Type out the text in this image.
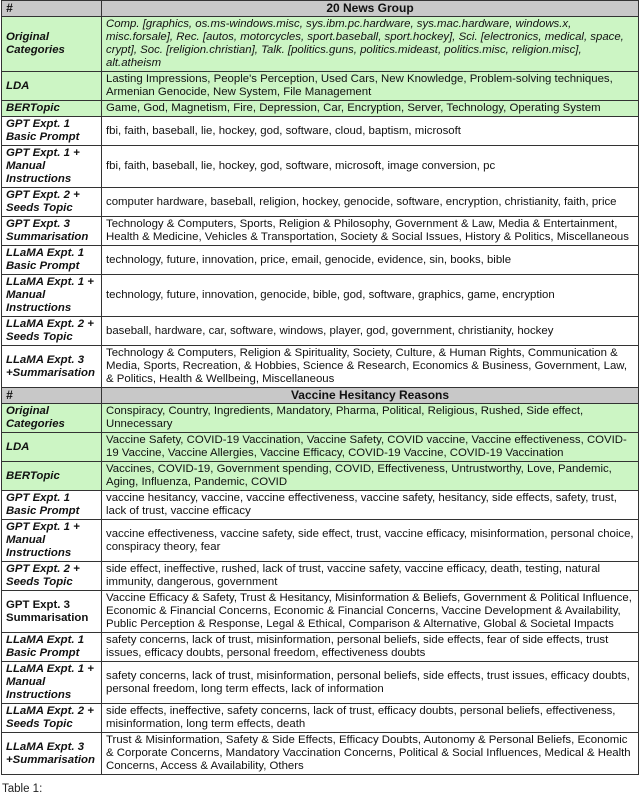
#	20 News Group
Original Categories	Comp. [graphics, os.ms-windows.misc, sys.ibm.pc.hardware, sys.mac.hardware, windows.x, misc.forsale], Rec. [autos, motorcycles, sport.baseball, sport.hockey], Sci. [electronics, medical, space, crypt], Soc. [religion.christian], Talk. [politics.guns, politics.mideast, politics.misc, religion.misc], alt.atheism
LDA	Lasting Impressions, People's Perception, Used Cars, New Knowledge, Problem-solving techniques, Armenian Genocide, New System, File Management
BERTopic	Game, God, Magnetism, Fire, Depression, Car, Encryption, Server, Technology, Operating System
GPT Expt. 1 Basic Prompt	fbi, faith, baseball, lie, hockey, god, software, cloud, baptism, microsoft
GPT Expt. 1 + Manual Instructions	fbi, faith, baseball, lie, hockey, god, software, microsoft, image conversion, pc
GPT Expt. 2 + Seeds Topic	computer hardware, baseball, religion, hockey, genocide, software, encryption, christianity, faith, price
GPT Expt. 3 Summarisation	Technology & Computers, Sports, Religion & Philosophy, Government & Law, Media & Entertainment, Health & Medicine, Vehicles & Transportation, Society & Social Issues, History & Politics, Miscellaneous
LLaMA Expt. 1 Basic Prompt	technology, future, innovation, price, email, genocide, evidence, sin, books, bible
LLaMA Expt. 1 + Manual Instructions	technology, future, innovation, genocide, bible, god, software, graphics, game, encryption
LLaMA Expt. 2 + Seeds Topic	baseball, hardware, car, software, windows, player, god, government, christianity, hockey
LLaMA Expt. 3 +Summarisation	Technology & Computers, Religion & Spirituality, Society, Culture, & Human Rights, Communication & Media, Sports, Recreation, & Hobbies, Science & Research, Economics & Business, Government, Law, & Politics, Health & Wellbeing, Miscellaneous
#	Vaccine Hesitancy Reasons
Original Categories	Conspiracy, Country, Ingredients, Mandatory, Pharma, Political, Religious, Rushed, Side effect, Unnecessary
LDA	Vaccine Safety, COVID-19 Vaccination, Vaccine Safety, COVID vaccine, Vaccine effectiveness, COVID-19 Vaccine, Vaccine Allergies, Vaccine Efficacy, COVID-19 Vaccine, COVID-19 Vaccination
BERTopic	Vaccines, COVID-19, Government spending, COVID, Effectiveness, Untrustworthy, Love, Pandemic, Aging, Influenza, Pandemic, COVID
GPT Expt. 1 Basic Prompt	vaccine hesitancy, vaccine, vaccine effectiveness, vaccine safety, hesitancy, side effects, safety, trust, lack of trust, vaccine efficacy
GPT Expt. 1 + Manual Instructions	vaccine effectiveness, vaccine safety, side effect, trust, vaccine efficacy, misinformation, personal choice, conspiracy theory, fear
GPT Expt. 2 + Seeds Topic	side effect, ineffective, rushed, lack of trust, vaccine safety, vaccine efficacy, death, testing, natural immunity, dangerous, government
GPT Expt. 3 Summarisation	Vaccine Efficacy & Safety, Trust & Hesitancy, Misinformation & Beliefs, Government & Political Influence, Economic & Financial Concerns, Economic & Financial Concerns, Vaccine Development & Availability, Public Perception & Response, Legal & Ethical, Comparison & Alternative, Global & Societal Impacts
LLaMA Expt. 1 Basic Prompt	safety concerns, lack of trust, misinformation, personal beliefs, side effects, fear of side effects, trust issues, efficacy doubts, personal freedom, effectiveness doubts
LLaMA Expt. 1 + Manual Instructions	safety concerns, lack of trust, misinformation, personal beliefs, side effects, trust issues, efficacy doubts, personal freedom, long term effects, lack of information
LLaMA Expt. 2 + Seeds Topic	side effects, ineffective, safety concerns, lack of trust, efficacy doubts, personal beliefs, effectiveness, misinformation, long term effects, death
LLaMA Expt. 3 +Summarisation	Trust & Misinformation, Safety & Side Effects, Efficacy Doubts, Autonomy & Personal Beliefs, Economic & Corporate Concerns, Mandatory Vaccination Concerns, Political & Social Influences, Medical & Health Concerns, Access & Availability, Others
Table 1:
